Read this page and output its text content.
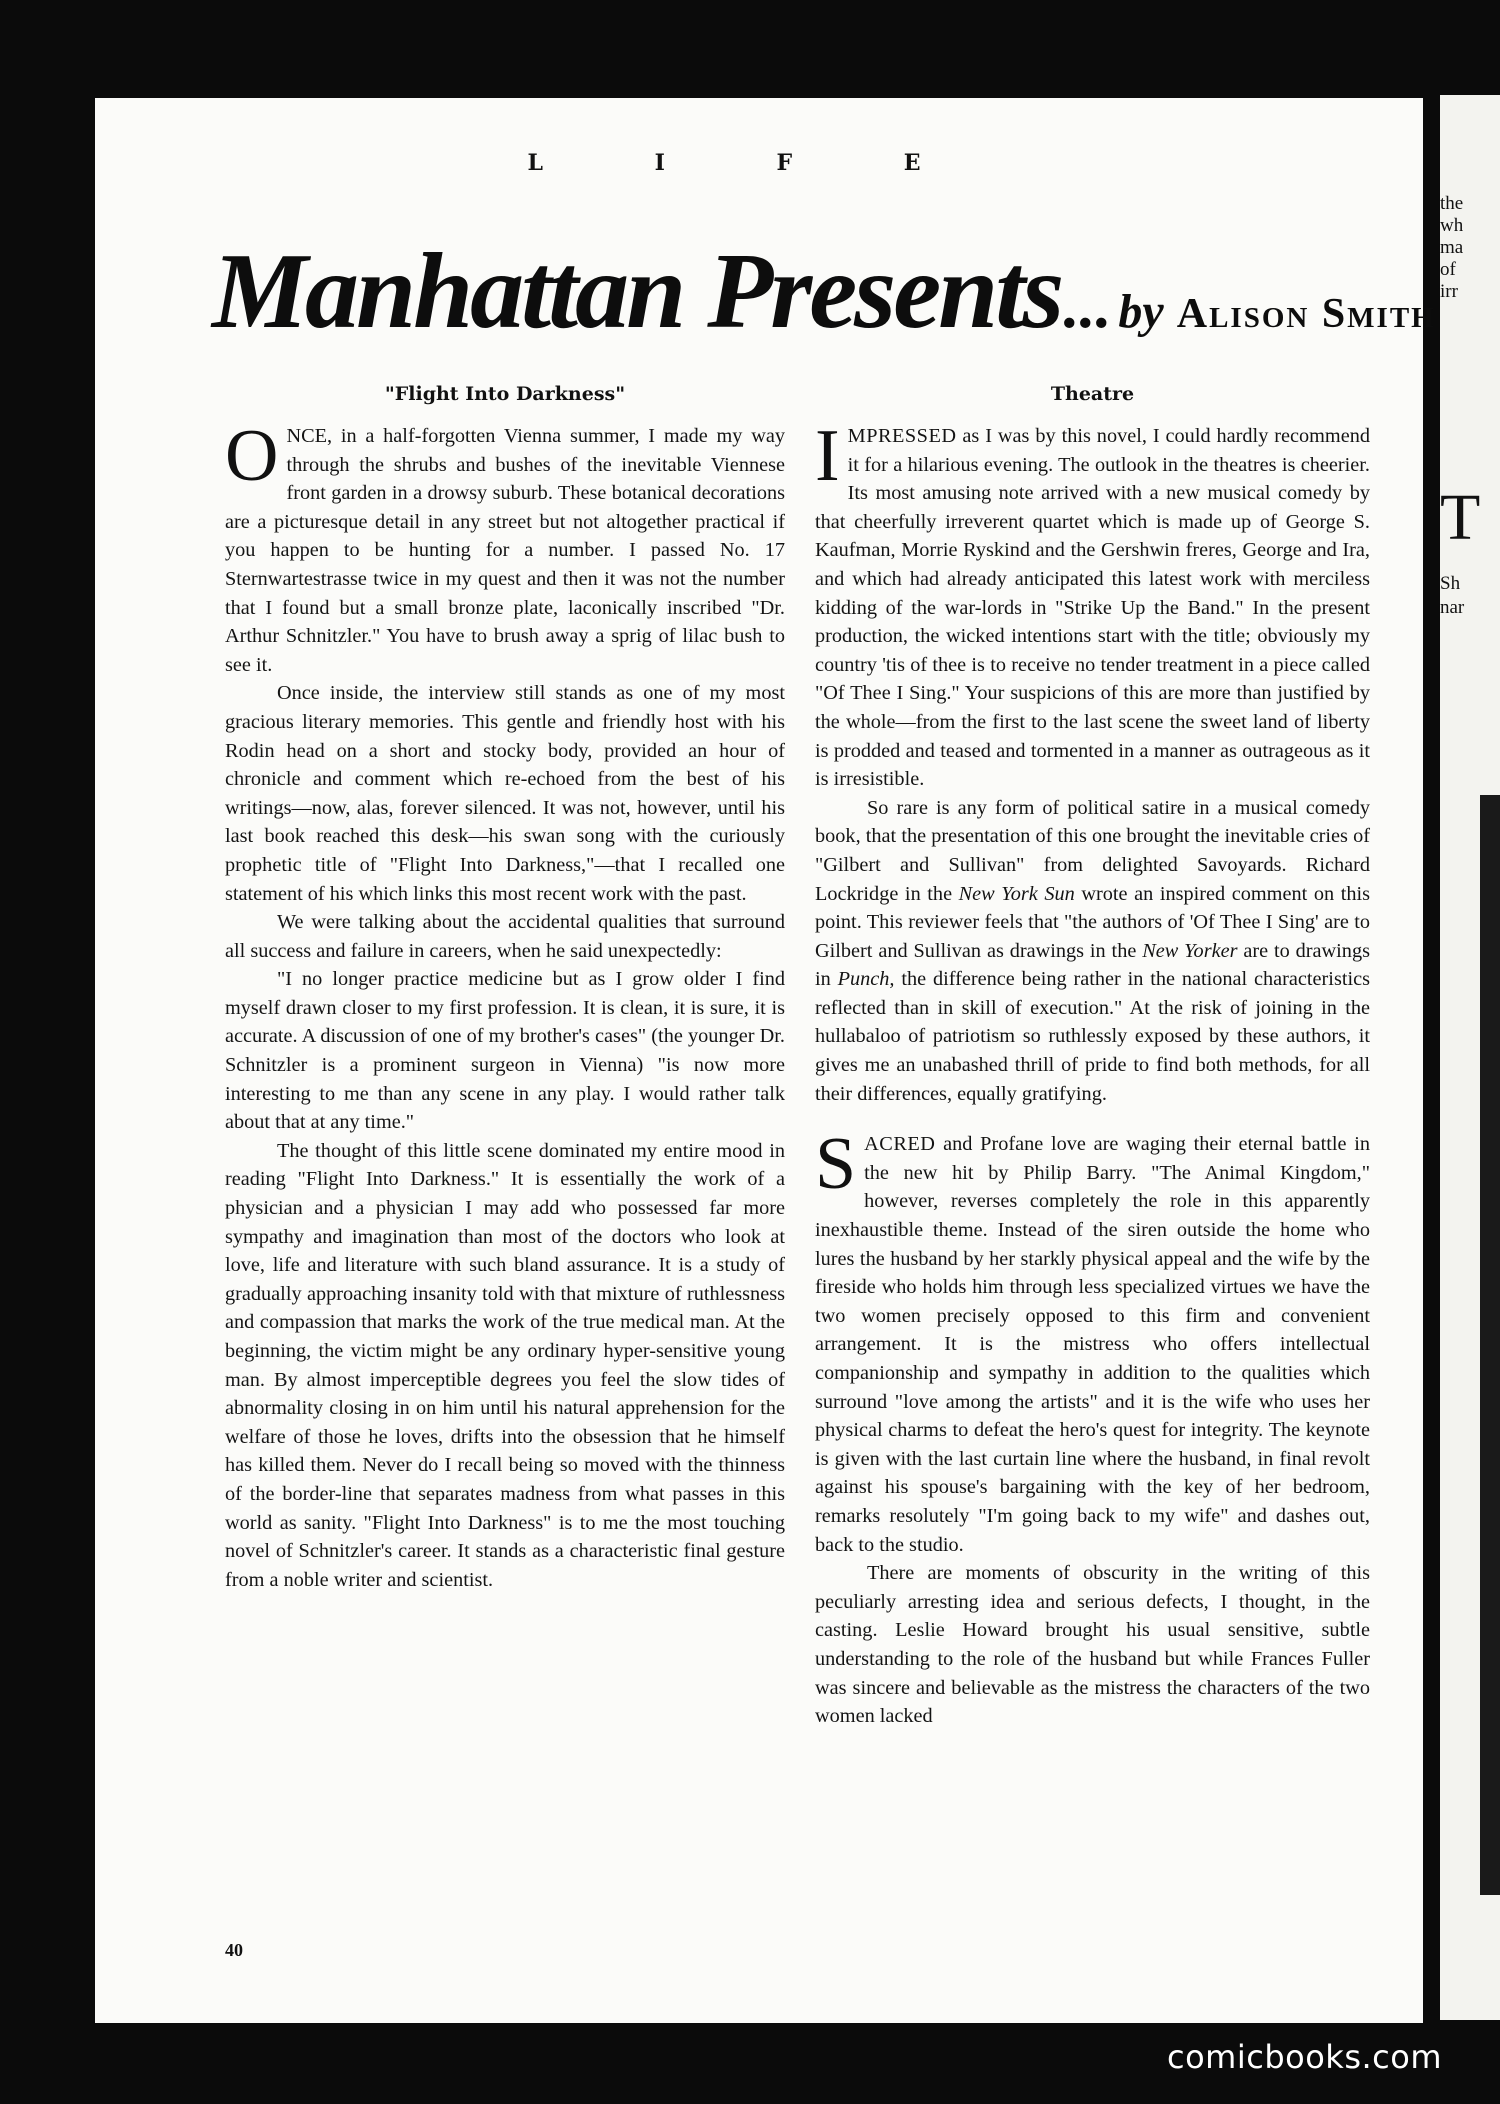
the
wh
ma
of
irr
T
Sh
nar
L I F E
Manhattan Presents... by Alison Smith
"Flight Into Darkness"	Theatre

ONCE, in a half-forgotten Vienna summer, I made my way through the shrubs and bushes of the inevitable Viennese front garden in a drowsy suburb. These botanical decorations are a picturesque detail in any street but not altogether practical if you happen to be hunting for a number. I passed No. 17 Sternwartestrasse twice in my quest and then it was not the number that I found but a small bronze plate, laconically inscribed "Dr. Arthur Schnitzler." You have to brush away a sprig of lilac bush to see it.

Once inside, the interview still stands as one of my most gracious literary memories. This gentle and friendly host with his Rodin head on a short and stocky body, provided an hour of chronicle and comment which re-echoed from the best of his writings—now, alas, forever silenced. It was not, however, until his last book reached this desk—his swan song with the curiously prophetic title of "Flight Into Darkness,"—that I recalled one statement of his which links this most recent work with the past.

We were talking about the accidental qualities that surround all success and failure in careers, when he said unexpectedly:

"I no longer practice medicine but as I grow older I find myself drawn closer to my first profession. It is clean, it is sure, it is accurate. A discussion of one of my brother's cases" (the younger Dr. Schnitzler is a prominent surgeon in Vienna) "is now more interesting to me than any scene in any play. I would rather talk about that at any time."

The thought of this little scene dominated my entire mood in reading "Flight Into Darkness." It is essentially the work of a physician and a physician I may add who possessed far more sympathy and imagination than most of the doctors who look at love, life and literature with such bland assurance. It is a study of gradually approaching insanity told with that mixture of ruthlessness and compassion that marks the work of the true medical man. At the beginning, the victim might be any ordinary hyper-sensitive young man. By almost imperceptible degrees you feel the slow tides of abnormality closing in on him until his natural apprehension for the welfare of those he loves, drifts into the obsession that he himself has killed them. Never do I recall being so moved with the thinness of the border-line that separates madness from what passes in this world as sanity. "Flight Into Darkness" is to me the most touching novel of Schnitzler's career. It stands as a characteristic final gesture from a noble writer and scientist.

IMPRESSED as I was by this novel, I could hardly recommend it for a hilarious evening. The outlook in the theatres is cheerier. Its most amusing note arrived with a new musical comedy by that cheerfully irreverent quartet which is made up of George S. Kaufman, Morrie Ryskind and the Gershwin freres, George and Ira, and which had already anticipated this latest work with merciless kidding of the war-lords in "Strike Up the Band." In the present production, the wicked intentions start with the title; obviously my country 'tis of thee is to receive no tender treatment in a piece called "Of Thee I Sing." Your suspicions of this are more than justified by the whole—from the first to the last scene the sweet land of liberty is prodded and teased and tormented in a manner as outrageous as it is irresistible.

So rare is any form of political satire in a musical comedy book, that the presentation of this one brought the inevitable cries of "Gilbert and Sullivan" from delighted Savoyards. Richard Lockridge in the New York Sun wrote an inspired comment on this point. This reviewer feels that "the authors of 'Of Thee I Sing' are to Gilbert and Sullivan as drawings in the New Yorker are to drawings in Punch, the difference being rather in the national characteristics reflected than in skill of execution." At the risk of joining in the hullabaloo of patriotism so ruthlessly exposed by these authors, it gives me an unabashed thrill of pride to find both methods, for all their differences, equally gratifying.

SACRED and Profane love are waging their eternal battle in the new hit by Philip Barry. "The Animal Kingdom," however, reverses completely the role in this apparently inexhaustible theme. Instead of the siren outside the home who lures the husband by her starkly physical appeal and the wife by the fireside who holds him through less specialized virtues we have the two women precisely opposed to this firm and convenient arrangement. It is the mistress who offers intellectual companionship and sympathy in addition to the qualities which surround "love among the artists" and it is the wife who uses her physical charms to defeat the hero's quest for integrity. The keynote is given with the last curtain line where the husband, in final revolt against his spouse's bargaining with the key of her bedroom, remarks resolutely "I'm going back to my wife" and dashes out, back to the studio.

There are moments of obscurity in the writing of this peculiarly arresting idea and serious defects, I thought, in the casting. Leslie Howard brought his usual sensitive, subtle understanding to the role of the husband but while Frances Fuller was sincere and believable as the mistress the characters of the two women lacked

40
comicbooks.com
